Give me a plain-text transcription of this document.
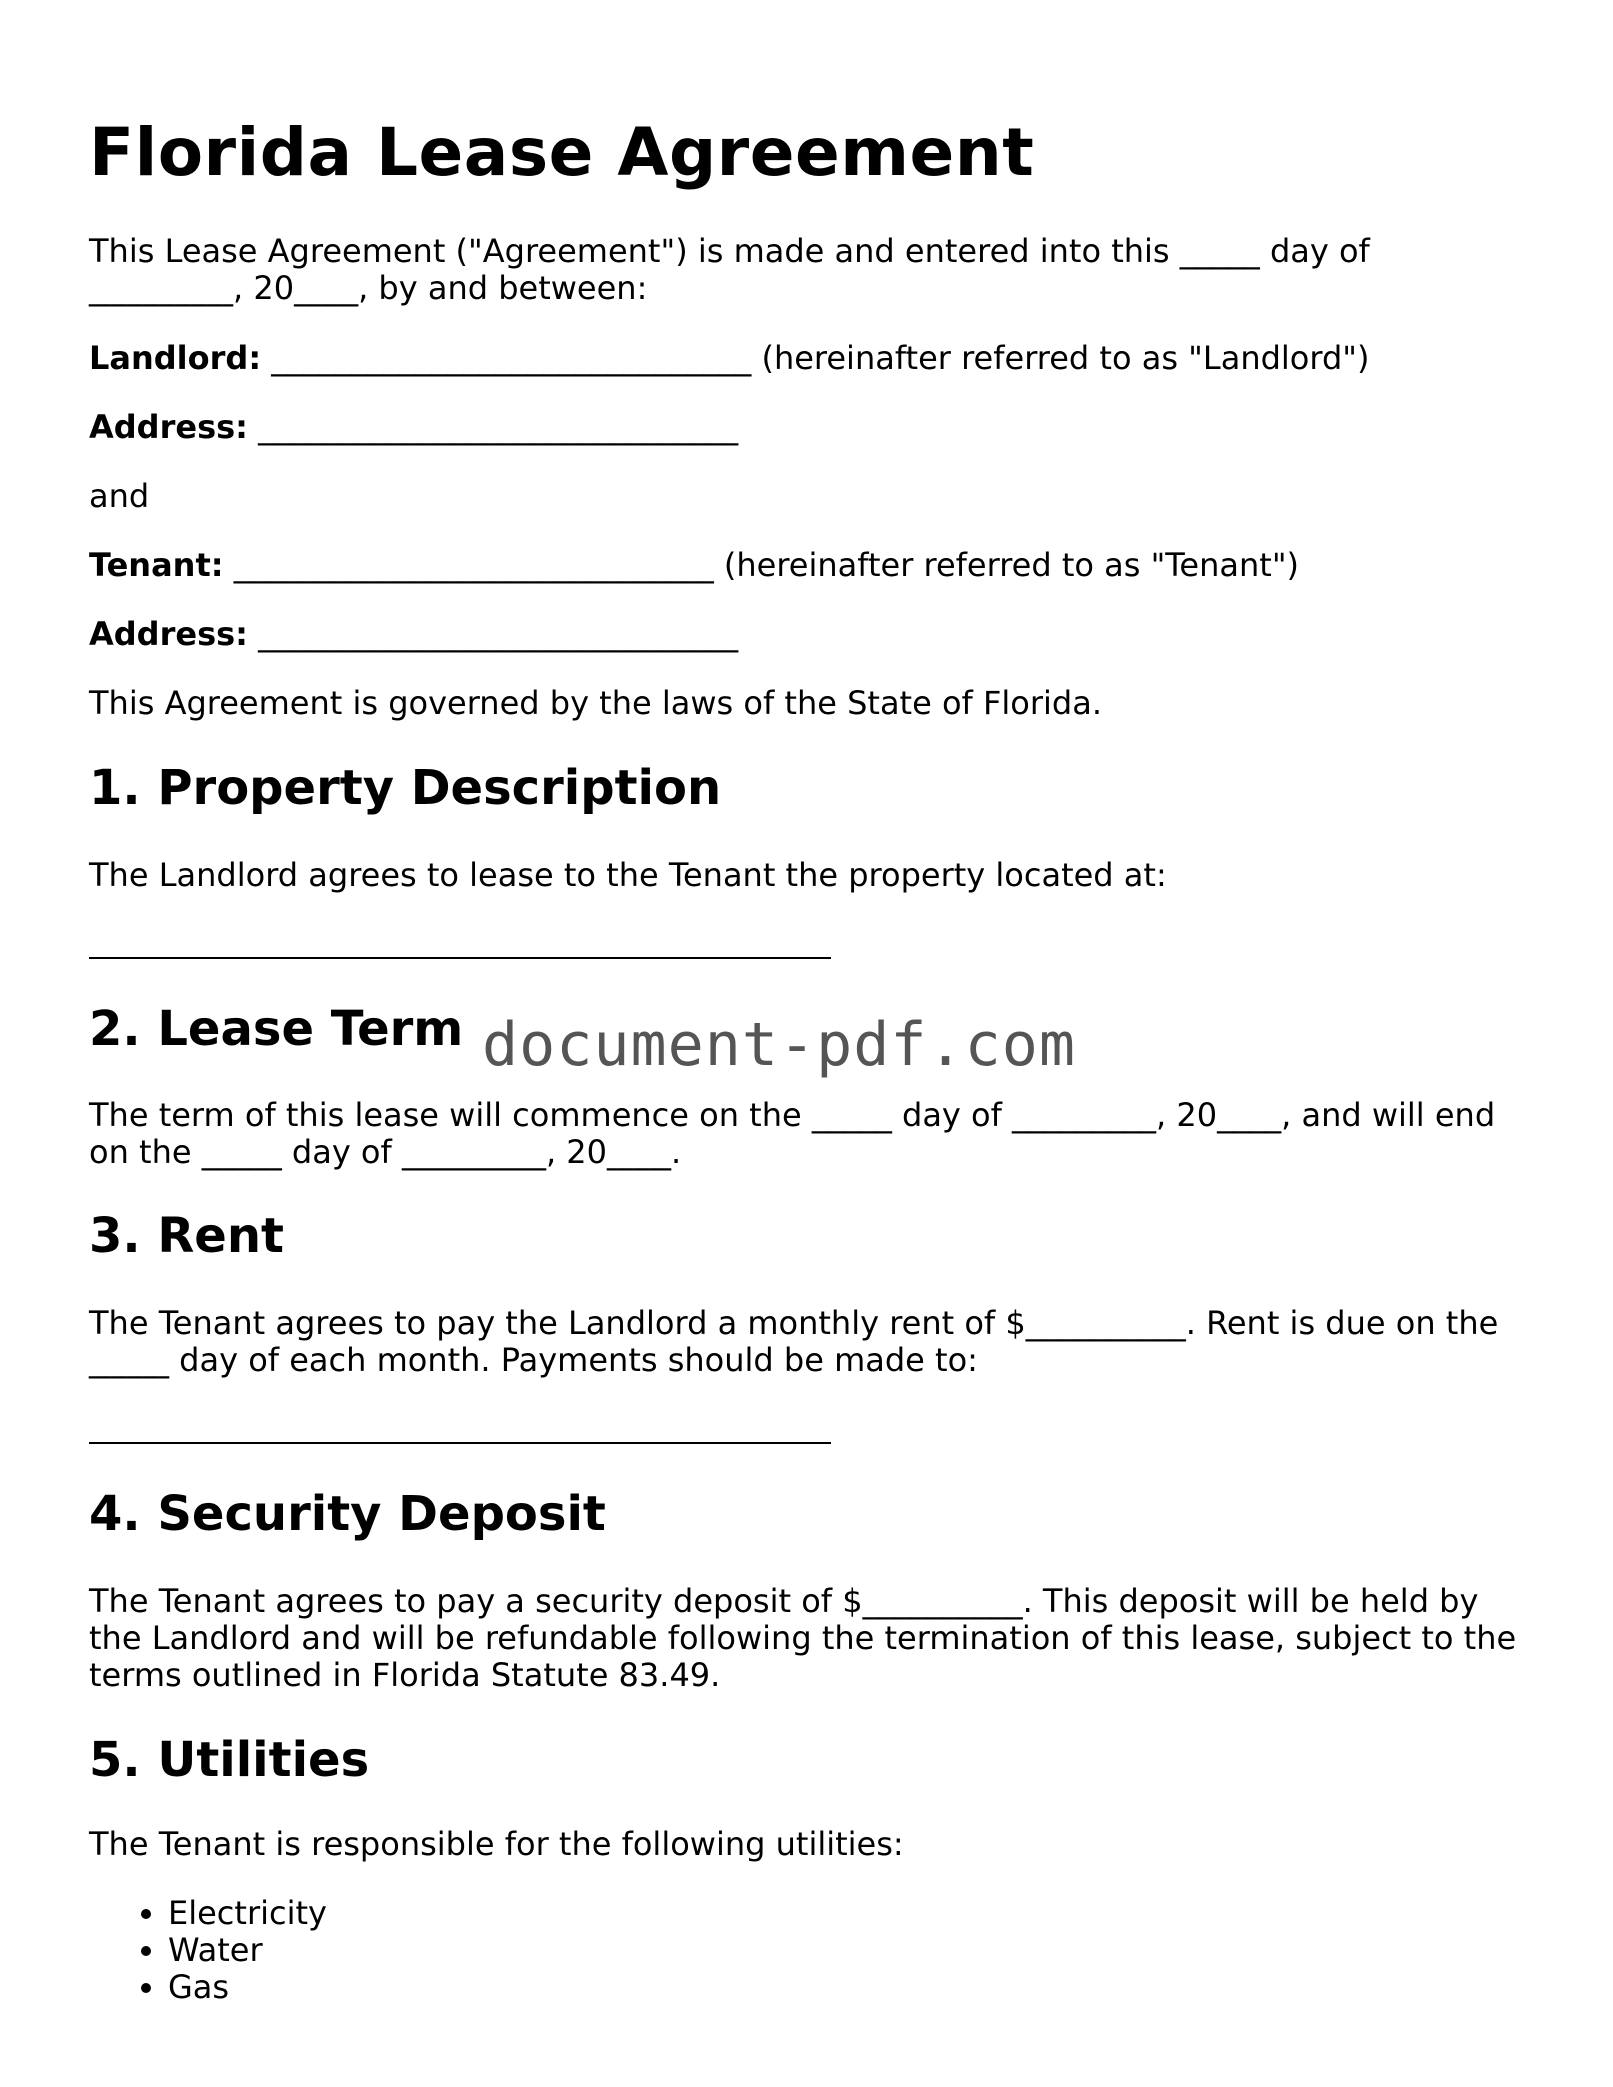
Florida Lease Agreement

This Lease Agreement ("Agreement") is made and entered into this _____ day of

_________, 20____, by and between:

Landlord: ______________________________ (hereinafter referred to as "Landlord")

Address: ______________________________

and

Tenant: ______________________________ (hereinafter referred to as "Tenant")

Address: ______________________________

This Agreement is governed by the laws of the State of Florida.

1. Property Description

The Landlord agrees to lease to the Tenant the property located at:

2. Lease Term

The term of this lease will commence on the _____ day of _________, 20____, and will end

on the _____ day of _________, 20____.

3. Rent

The Tenant agrees to pay the Landlord a monthly rent of $__________. Rent is due on the

_____ day of each month. Payments should be made to:

4. Security Deposit

The Tenant agrees to pay a security deposit of $__________. This deposit will be held by

the Landlord and will be refundable following the termination of this lease, subject to the

terms outlined in Florida Statute 83.49.

5. Utilities

The Tenant is responsible for the following utilities:

• Electricity
• Water
• Gas
document-pdf.com
